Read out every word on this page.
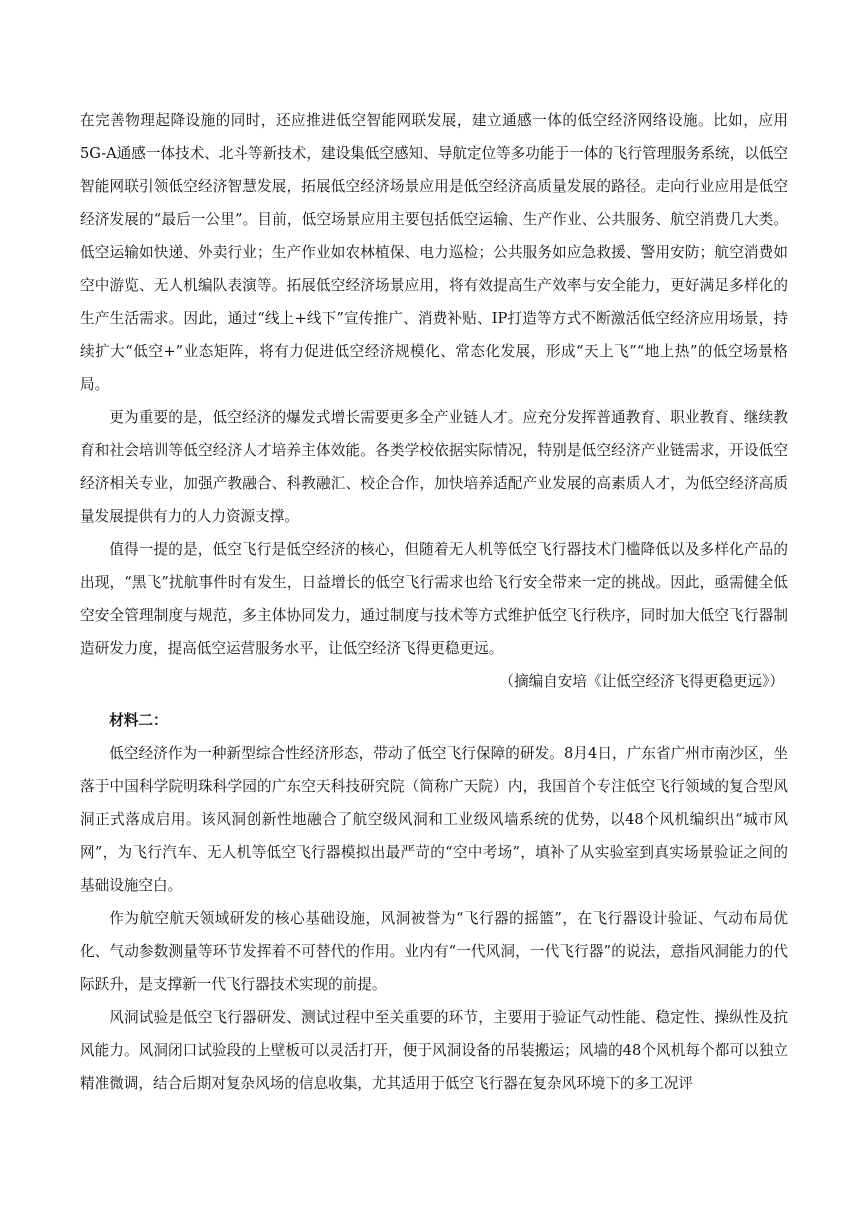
在完善物理起降设施的同时，还应推进低空智能网联发展，建立通感一体的低空经济网络设施。比如，应用5G-A通感一体技术、北斗等新技术，建设集低空感知、导航定位等多功能于一体的飞行管理服务系统，以低空智能网联引领低空经济智慧发展，拓展低空经济场景应用是低空经济高质量发展的路径。走向行业应用是低空经济发展的“最后一公里”。目前，低空场景应用主要包括低空运输、生产作业、公共服务、航空消费几大类。低空运输如快递、外卖行业；生产作业如农林植保、电力巡检；公共服务如应急救援、警用安防；航空消费如空中游览、无人机编队表演等。拓展低空经济场景应用，将有效提高生产效率与安全能力，更好满足多样化的生产生活需求。因此，通过“线上+线下”宣传推广、消费补贴、IP打造等方式不断激活低空经济应用场景，持续扩大“低空+”业态矩阵，将有力促进低空经济规模化、常态化发展，形成“天上飞”“地上热”的低空场景格局。

更为重要的是，低空经济的爆发式增长需要更多全产业链人才。应充分发挥普通教育、职业教育、继续教育和社会培训等低空经济人才培养主体效能。各类学校依据实际情况，特别是低空经济产业链需求，开设低空经济相关专业，加强产教融合、科教融汇、校企合作，加快培养适配产业发展的高素质人才，为低空经济高质量发展提供有力的人力资源支撑。

值得一提的是，低空飞行是低空经济的核心，但随着无人机等低空飞行器技术门槛降低以及多样化产品的出现，“黑飞”扰航事件时有发生，日益增长的低空飞行需求也给飞行安全带来一定的挑战。因此，亟需健全低空安全管理制度与规范，多主体协同发力，通过制度与技术等方式维护低空飞行秩序，同时加大低空飞行器制造研发力度，提高低空运营服务水平，让低空经济飞得更稳更远。

（摘编自安培《让低空经济飞得更稳更远》）

材料二：

低空经济作为一种新型综合性经济形态，带动了低空飞行保障的研发。8月4日，广东省广州市南沙区，坐落于中国科学院明珠科学园的广东空天科技研究院（简称广天院）内，我国首个专注低空飞行领域的复合型风洞正式落成启用。该风洞创新性地融合了航空级风洞和工业级风墙系统的优势，以48个风机编织出“城市风网”，为飞行汽车、无人机等低空飞行器模拟出最严苛的“空中考场”，填补了从实验室到真实场景验证之间的基础设施空白。

作为航空航天领域研发的核心基础设施，风洞被誉为“飞行器的摇篮”，在飞行器设计验证、气动布局优化、气动参数测量等环节发挥着不可替代的作用。业内有“一代风洞，一代飞行器”的说法，意指风洞能力的代际跃升，是支撑新一代飞行器技术实现的前提。

风洞试验是低空飞行器研发、测试过程中至关重要的环节，主要用于验证气动性能、稳定性、操纵性及抗风能力。风洞闭口试验段的上壁板可以灵活打开，便于风洞设备的吊装搬运；风墙的48个风机每个都可以独立精准微调，结合后期对复杂风场的信息收集，尤其适用于低空飞行器在复杂风环境下的多工况评
